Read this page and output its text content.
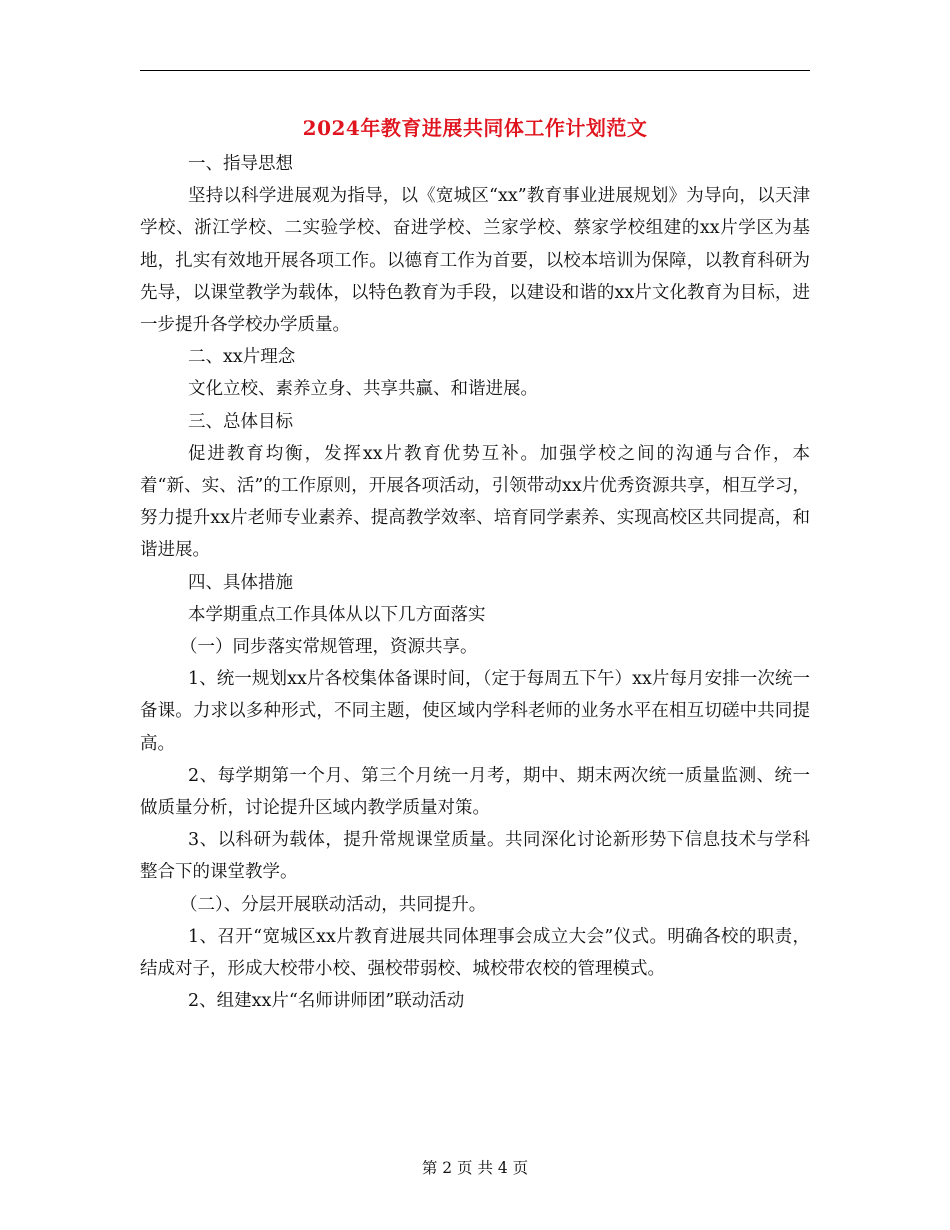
2024年教育进展共同体工作计划范文

一、指导思想

坚持以科学进展观为指导，以《宽城区“xx”教育事业进展规划》为导向，以天津学校、浙江学校、二实验学校、奋进学校、兰家学校、蔡家学校组建的xx片学区为基地，扎实有效地开展各项工作。以德育工作为首要，以校本培训为保障，以教育科研为先导，以课堂教学为载体，以特色教育为手段，以建设和谐的xx片文化教育为目标，进一步提升各学校办学质量。

二、xx片理念

文化立校、素养立身、共享共赢、和谐进展。

三、总体目标

促进教育均衡，发挥xx片教育优势互补。加强学校之间的沟通与合作，本着“新、实、活”的工作原则，开展各项活动，引领带动xx片优秀资源共享，相互学习，努力提升xx片老师专业素养、提高教学效率、培育同学素养、实现高校区共同提高，和谐进展。

四、具体措施

本学期重点工作具体从以下几方面落实

（一）同步落实常规管理，资源共享。

1、统一规划xx片各校集体备课时间，（定于每周五下午）xx片每月安排一次统一备课。力求以多种形式，不同主题，使区域内学科老师的业务水平在相互切磋中共同提高。

2、每学期第一个月、第三个月统一月考，期中、期末两次统一质量监测、统一做质量分析，讨论提升区域内教学质量对策。

3、以科研为载体，提升常规课堂质量。共同深化讨论新形势下信息技术与学科整合下的课堂教学。

（二）、分层开展联动活动，共同提升。

1、召开“宽城区xx片教育进展共同体理事会成立大会”仪式。明确各校的职责，结成对子，形成大校带小校、强校带弱校、城校带农校的管理模式。

2、组建xx片“名师讲师团”联动活动

第 2 页 共 4 页
